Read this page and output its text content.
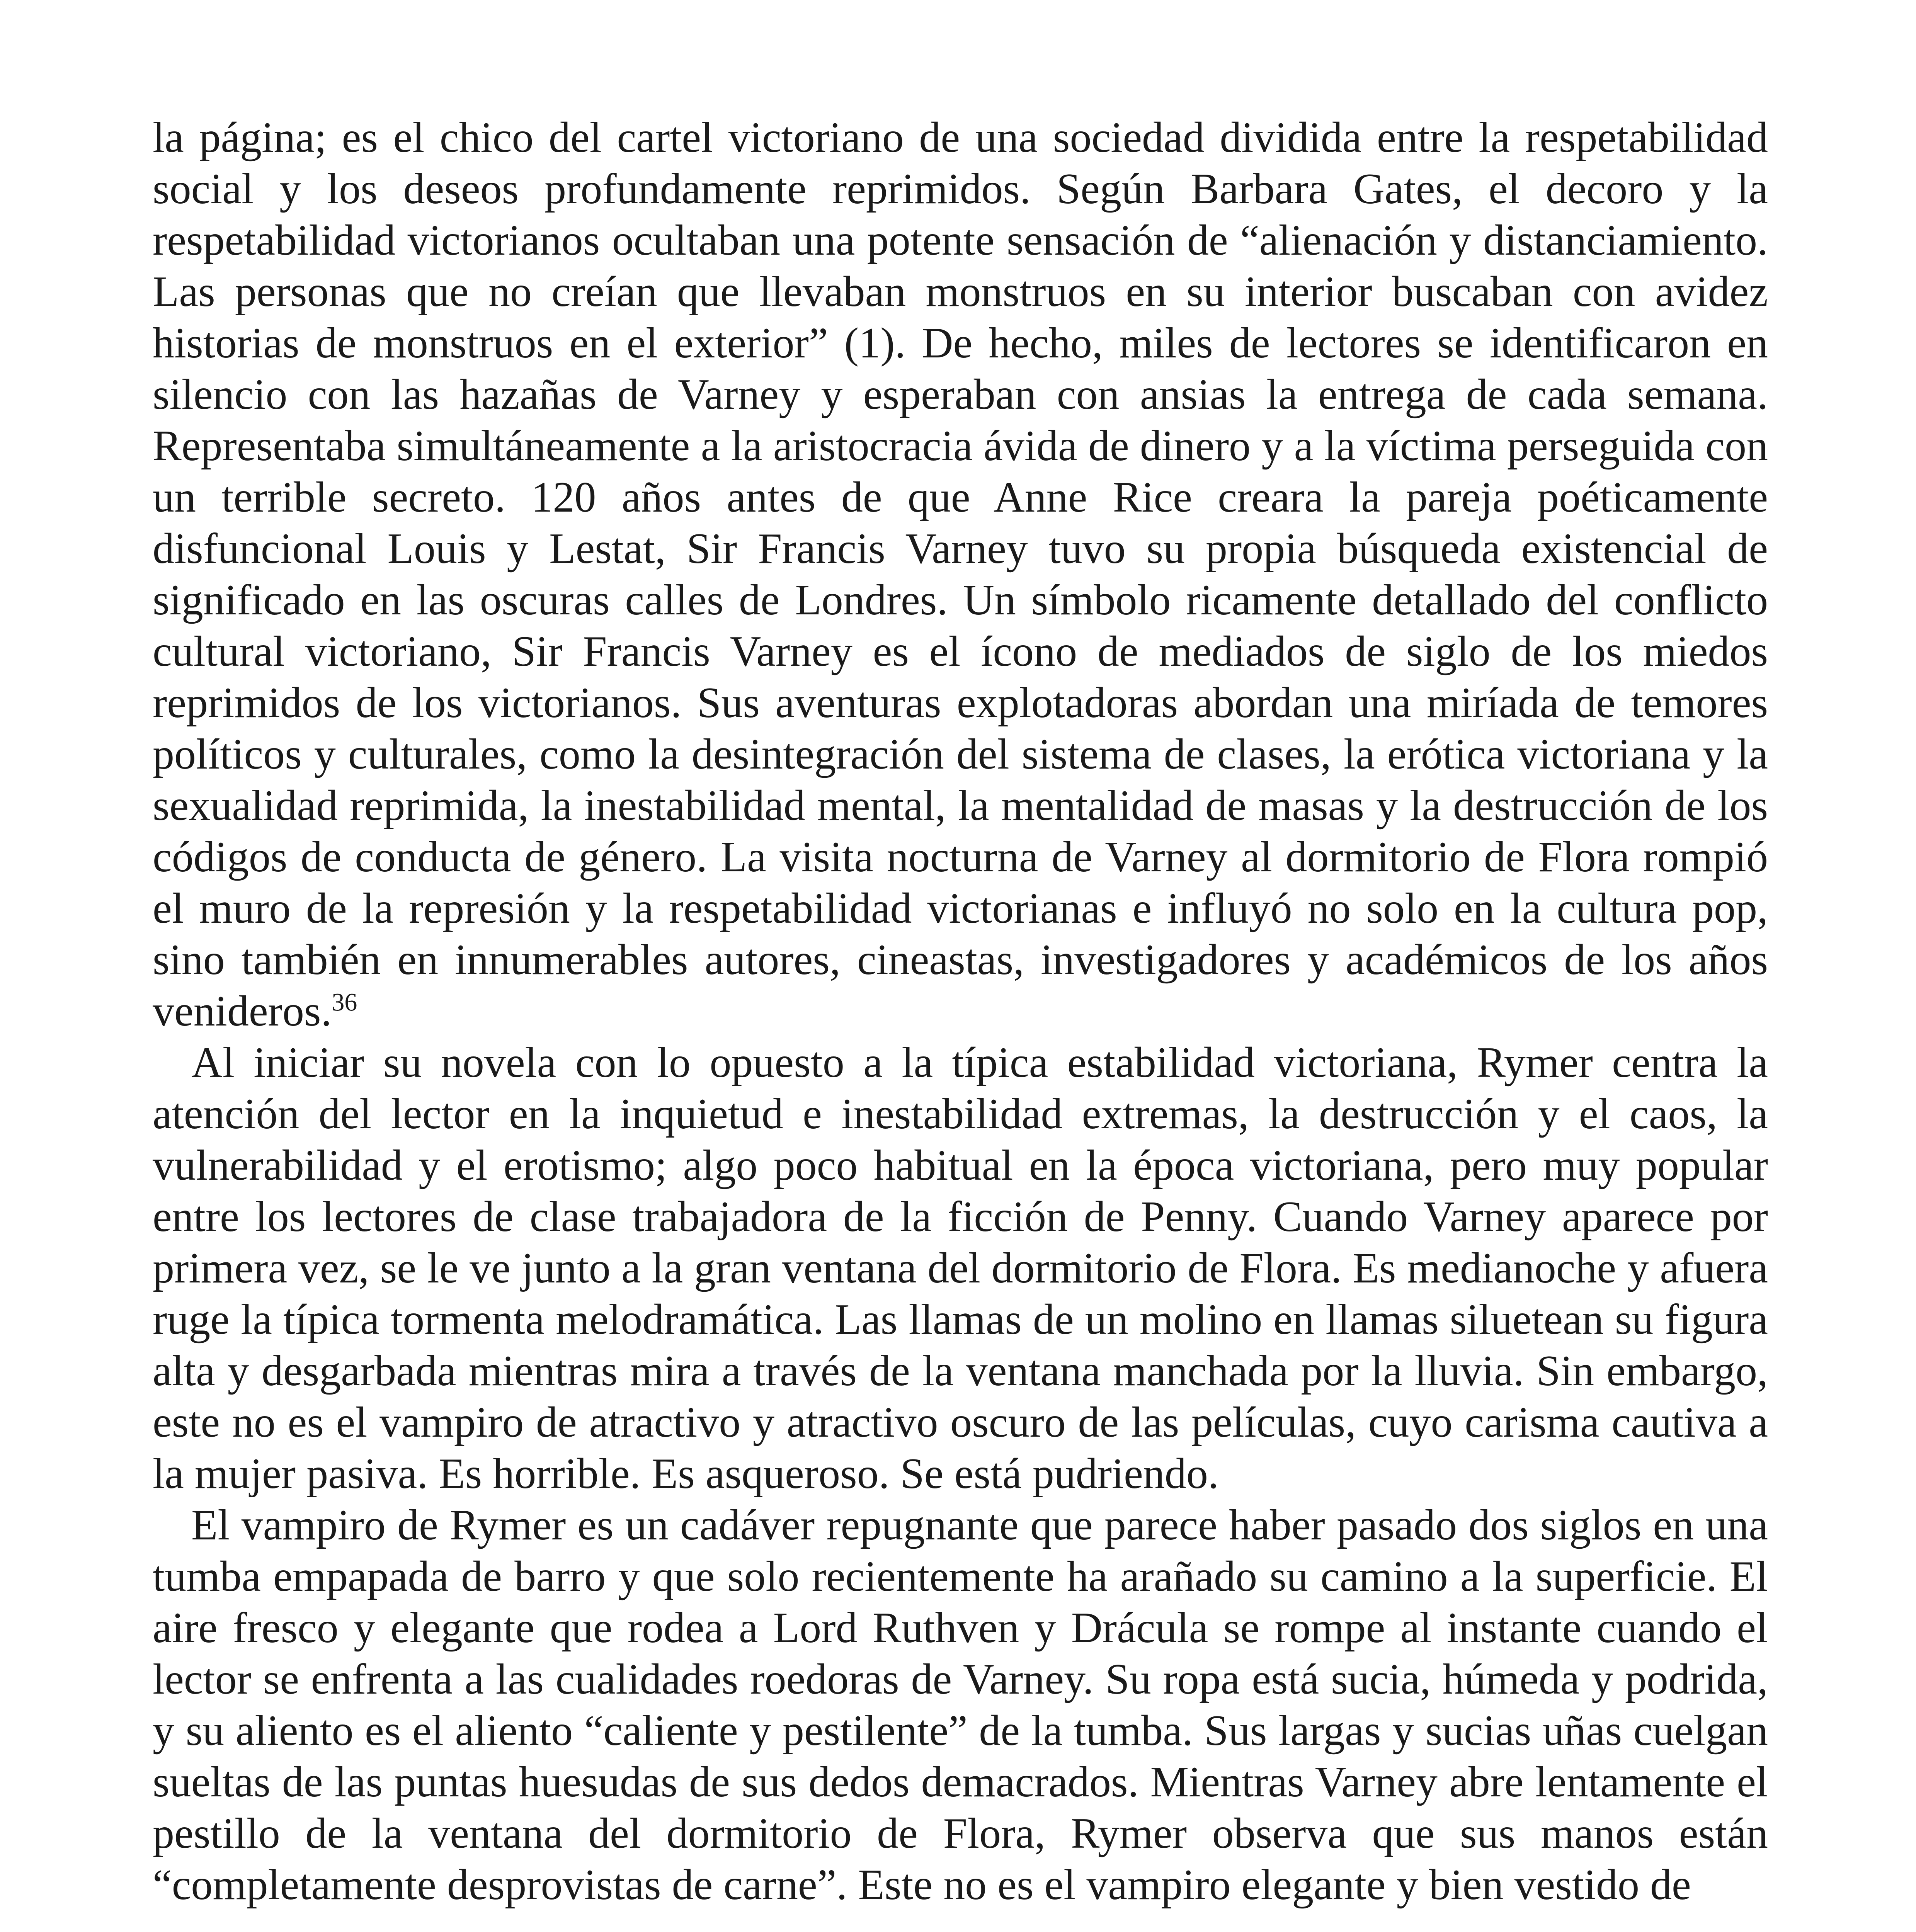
la página; es el chico del cartel victoriano de una sociedad dividida entre la respetabilidad social y los deseos profundamente reprimidos. Según Barbara Gates, el decoro y la respetabilidad victorianos ocultaban una potente sensación de “alienación y distanciamiento. Las personas que no creían que llevaban monstruos en su interior buscaban con avidez historias de monstruos en el exterior” (1). De hecho, miles de lectores se identificaron en silencio con las hazañas de Varney y esperaban con ansias la entrega de cada semana. Representaba simultáneamente a la aristocracia ávida de dinero y a la víctima perseguida con un terrible secreto. 120 años antes de que Anne Rice creara la pareja poéticamente disfuncional Louis y Lestat, Sir Francis Varney tuvo su propia búsqueda existencial de significado en las oscuras calles de Londres. Un símbolo ricamente detallado del conflicto cultural victoriano, Sir Francis Varney es el ícono de mediados de siglo de los miedos reprimidos de los victorianos. Sus aventuras explotadoras abordan una miríada de temores políticos y culturales, como la desintegración del sistema de clases, la erótica victoriana y la sexualidad reprimida, la inestabilidad mental, la mentalidad de masas y la destrucción de los códigos de conducta de género. La visita nocturna de Varney al dormitorio de Flora rompió el muro de la represión y la respetabilidad victorianas e influyó no solo en la cultura pop, sino también en innumerables autores, cineastas, investigadores y académicos de los años venideros.$^{36}$

Al iniciar su novela con lo opuesto a la típica estabilidad victoriana, Rymer centra la atención del lector en la inquietud e inestabilidad extremas, la destrucción y el caos, la vulnerabilidad y el erotismo; algo poco habitual en la época victoriana, pero muy popular entre los lectores de clase trabajadora de la ficción de Penny. Cuando Varney aparece por primera vez, se le ve junto a la gran ventana del dormitorio de Flora. Es medianoche y afuera ruge la típica tormenta melodramática. Las llamas de un molino en llamas siluetean su figura alta y desgarbada mientras mira a través de la ventana manchada por la lluvia. Sin embargo, este no es el vampiro de atractivo y atractivo oscuro de las películas, cuyo carisma cautiva a la mujer pasiva. Es horrible. Es asqueroso. Se está pudriendo.

El vampiro de Rymer es un cadáver repugnante que parece haber pasado dos siglos en una tumba empapada de barro y que solo recientemente ha arañado su camino a la superficie. El aire fresco y elegante que rodea a Lord Ruthven y Drácula se rompe al instante cuando el lector se enfrenta a las cualidades roedoras de Varney. Su ropa está sucia, húmeda y podrida, y su aliento es el aliento “caliente y pestilente” de la tumba. Sus largas y sucias uñas cuelgan sueltas de las puntas huesudas de sus dedos demacrados. Mientras Varney abre lentamente el pestillo de la ventana del dormitorio de Flora, Rymer observa que sus manos están “completamente desprovistas de carne”. Este no es el vampiro elegante y bien vestido de
